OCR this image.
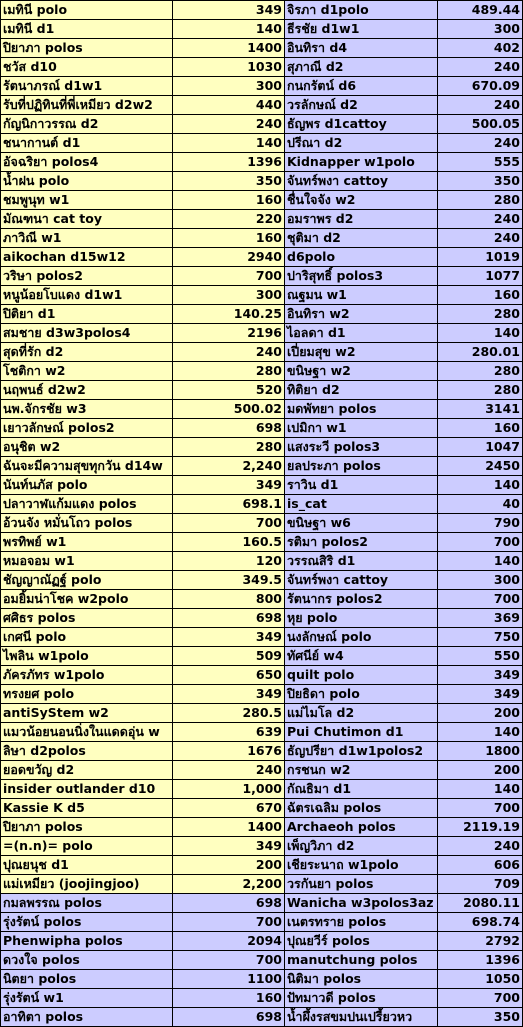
เมทินี polo	349	จิรภา d1polo	489.44
เมทินี d1	140	ธีรชัย d1w1	300
ปิยาภา polos	1400	อินทิรา d4	402
ชวัส d10	1030	สุภาณี d2	240
รัตนาภรณ์ d1w1	300	กนกรัตน์ d6	670.09
รับที่ปฏิทินที่พี่เหมียว d2w2	440	วรลักษณ์ d2	240
กัญนิกาวรรณ d2	240	ธัญพร d1cattoy	500.05
ชนากานต์ d1	140	ปรีณา d2	240
อัจฉริยา polos4	1396	Kidnapper w1polo	555
น้ำฝน polo	350	จันทร์พงา cattoy	350
ชมพูนุท w1	160	ชื่นใจจัง w2	280
มัณฑนา cat toy	220	อมราพร d2	240
ภาวิณี w1	160	ชุติมา d2	240
aikochan d15w12	2940	d6polo	1019
วริษา polos2	700	ปาริสุทธิ์ polos3	1077
หนูน้อยโบแดง d1w1	300	ณฐมน w1	160
ปิติยา d1	140.25	อินทิรา w2	280
สมชาย d3w3polos4	2196	ไอลดา d1	140
สุดที่รัก d2	240	เปี่ยมสุข w2	280.01
โชติกา w2	280	ขนิษฐา w2	280
นฤพนธ์ d2w2	520	ทิติยา d2	280
นพ.จักรชัย w3	500.02	มดพัทยา polos	3141
เยาวลักษณ์ polos2	698	เปมิกา w1	160
อนุชิต w2	280	แสงระวี polos3	1047
ฉันจะมีความสุขทุกวัน d14w	2,240	ยลประภา polos	2450
นันท์นภัส polo	349	ราวิน d1	140
ปลาวาฬแก้มแดง polos	698.1	is_cat	40
อ้วนจัง หมั่นโถว polos	700	ขนิษฐา w6	790
พรทิพย์ w1	160.5	รติมา polos2	700
หมอจอม w1	120	วรรณสิริ d1	140
ชัญญาณัฏฐ์ polo	349.5	จันทร์พงา cattoy	300
อมยิ้มน่าโชค w2polo	800	รัตนากร polos2	700
ศศิธร polos	698	หุย polo	369
เกศนี polo	349	นงลักษณ์ polo	750
ไพลิน w1polo	509	ทัศนีย์ w4	550
ภัครภัทร w1polo	650	quilt polo	349
ทรงยศ polo	349	ปิยธิดา polo	349
antiSyStem w2	280.5	แม่ไมโล d2	200
แมวน้อยนอนนิ่งในแดดอุ่น w	639	Pui Chutimon d1	140
ลิษา d2polos	1676	ธัญปรียา d1w1polos2	1800
ยอดขวัญ d2	240	กรชนก w2	200
insider outlander d10	1,000	กัณธิมา d1	140
Kassie K d5	670	ฉัตรเฉลิม polos	700
ปิยาภา polos	1400	Archaeoh polos	2119.19
=(n.n)= polo	349	เพ็ญวิภา d2	240
ปุณยนุช d1	200	เชียระนาถ w1polo	606
แม่เหมียว (joojingjoo)	2,200	วรกันยา polos	709
กมลพรรณ polos	698	Wanicha w3polos3az	2080.11
รุ่งรัตน์ polos	700	เนตรทราย polos	698.74
Phenwipha polos	2094	ปุณยวีร์ polos	2792
ดวงใจ polos	700	manutchung polos	1396
นิตยา polos	1100	นิติมา polos	1050
รุ่งรัตน์ w1	160	ปัทมาวดี polos	700
อาทิตา polos	698	น้ำผึ้งรสขมปนเปรี้ยวหว	350
